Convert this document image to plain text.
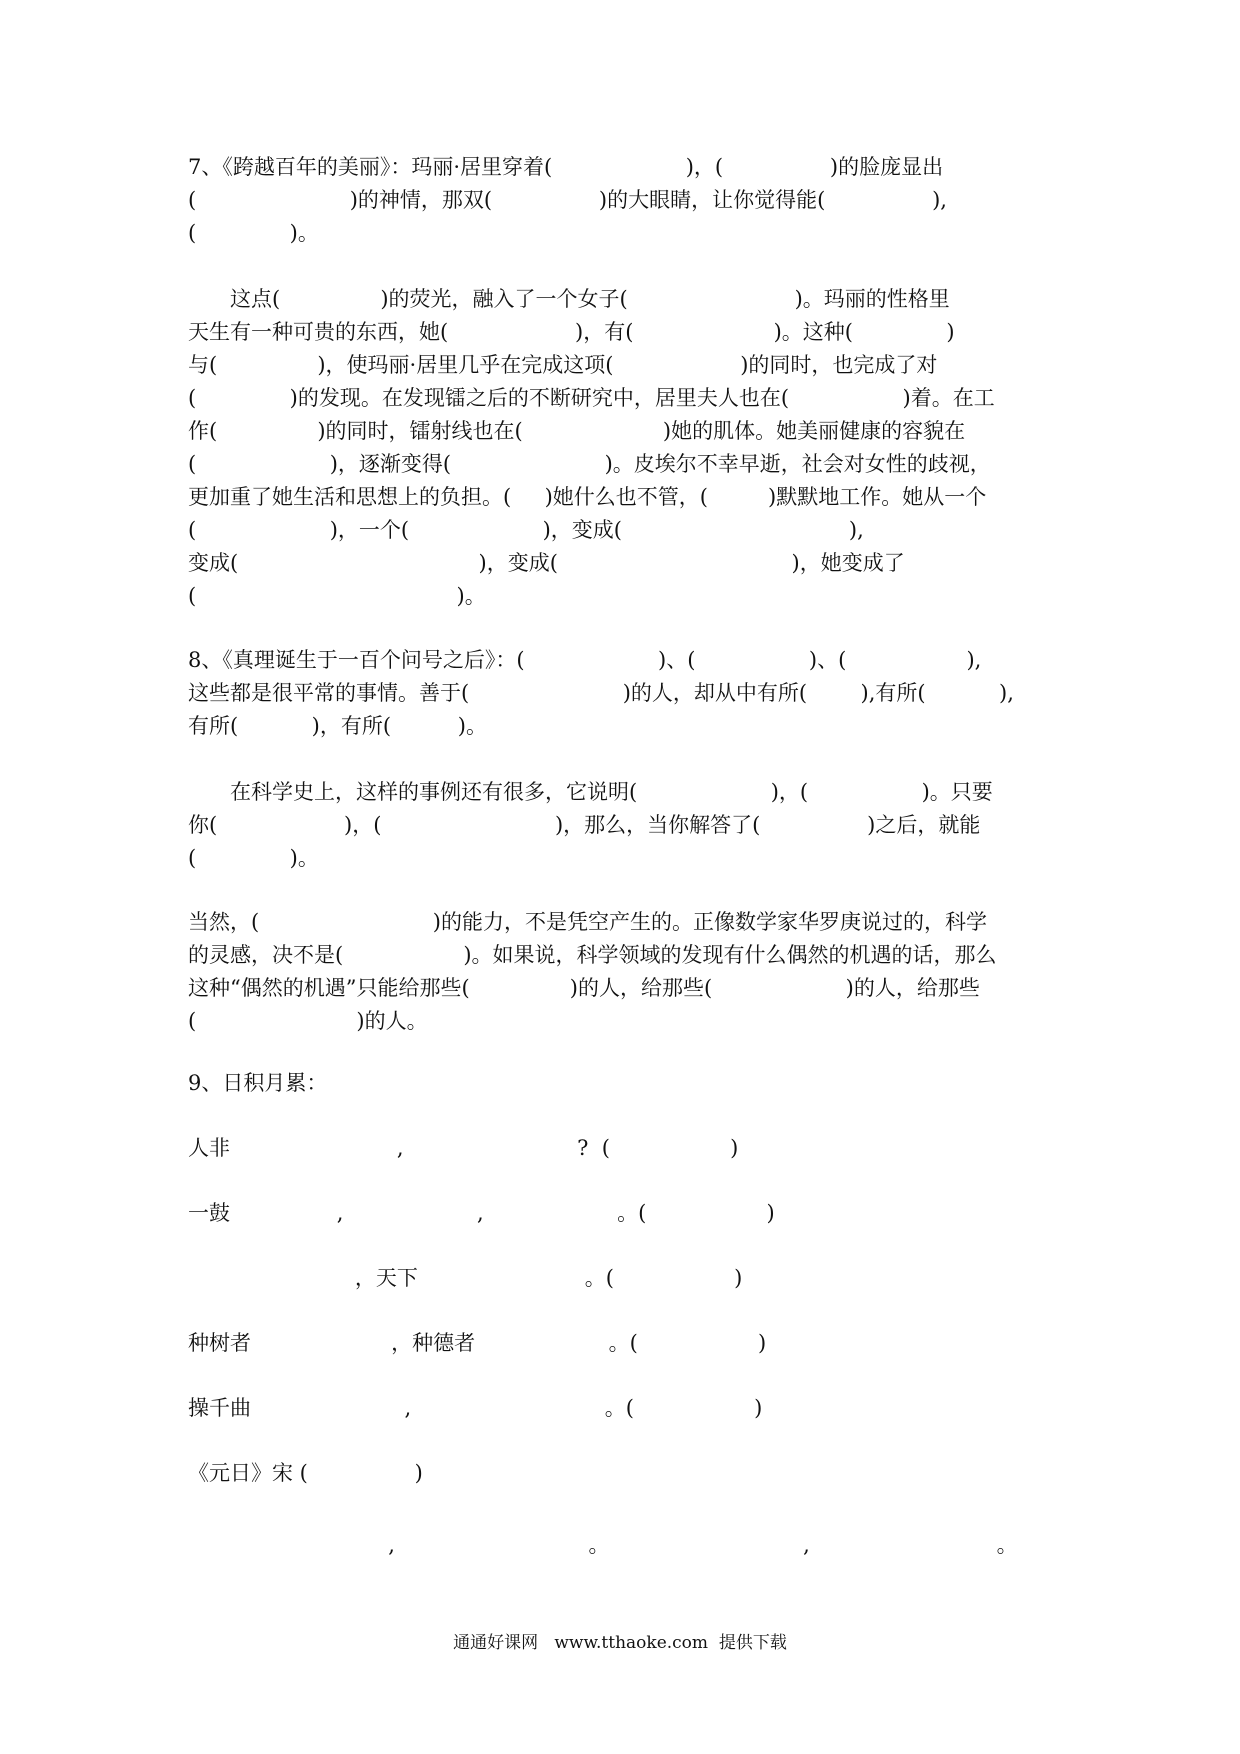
7、《跨越百年的美丽》：玛丽·居里穿着(                    )，(                )的脸庞显出
(                       )的神情，那双(                )的大眼睛，让你觉得能(                ),
(              )。
这点(               )的荧光，融入了一个女子(                         )。玛丽的性格里
天生有一种可贵的东西，她(                   )，有(                     )。这种(              )
与(               )，使玛丽·居里几乎在完成这项(                   )的同时，也完成了对
(              )的发现。在发现镭之后的不断研究中，居里夫人也在(                 )着。在工
作(               )的同时，镭射线也在(                     )她的肌体。她美丽健康的容貌在
(                    )，逐渐变得(                       )。皮埃尔不幸早逝，社会对女性的歧视，
更加重了她生活和思想上的负担。(     )她什么也不管，(         )默默地工作。她从一个
(                    )，一个(                    )，变成(                                  ),
变成(                                    )，变成(                                   )，她变成了
(                                       )。
8、《真理诞生于一百个问号之后》：(                    )、(                 )、(                  ),
这些都是很平常的事情。善于(                       )的人，却从中有所(        ),有所(           ),
有所(           )，有所(          )。
在科学史上，这样的事例还有很多，它说明(                    )，(                 )。只要
你(                   )，(                          )，那么，当你解答了(                )之后，就能
(              )。
当然，(                          )的能力，不是凭空产生的。正像数学家华罗庚说过的，科学
的灵感，决不是(                  )。如果说，科学领域的发现有什么偶然的机遇的话，那么
这种“偶然的机遇”只能给那些(               )的人，给那些(                    )的人，给那些
(                        )的人。
9、日积月累：
人非                         ,                          ?  (                  )
一鼓                ,                    ,                    。(                  )
，天下                         。(                  )
种树者                     ，种德者                    。(                  )
操千曲                       ,                             。(                  )
《元日》宋 (                )
,                             。                             ,                            。
通通好课网   www.tthaoke.com  提供下载
